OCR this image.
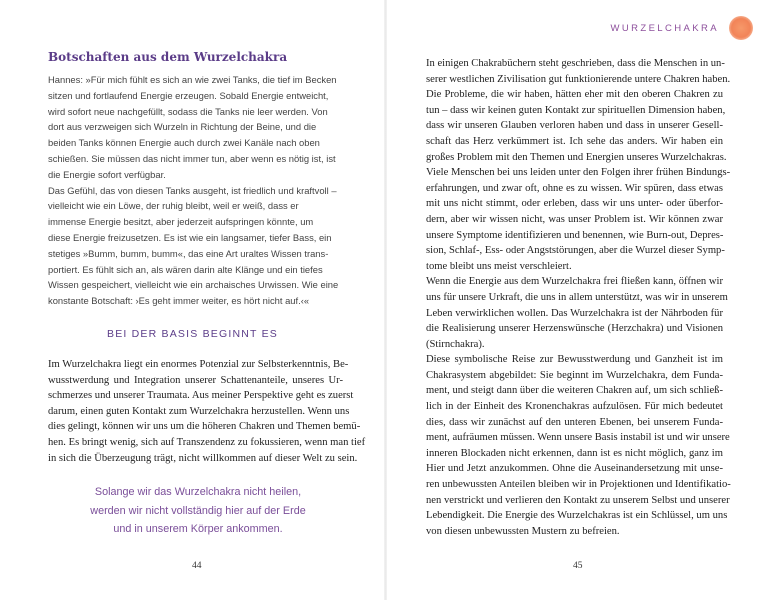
Botschaften aus dem Wurzelchakra
Hannes: »Für mich fühlt es sich an wie zwei Tanks, die tief im Becken
sitzen und fortlaufend Energie erzeugen. Sobald Energie entweicht,
wird sofort neue nachgefüllt, sodass die Tanks nie leer werden. Von
dort aus verzweigen sich Wurzeln in Richtung der Beine, und die
beiden Tanks können Energie auch durch zwei Kanäle nach oben
schießen. Sie müssen das nicht immer tun, aber wenn es nötig ist, ist
die Energie sofort verfügbar.
Das Gefühl, das von diesen Tanks ausgeht, ist friedlich und kraftvoll –
vielleicht wie ein Löwe, der ruhig bleibt, weil er weiß, dass er
immense Energie besitzt, aber jederzeit aufspringen könnte, um
diese Energie freizusetzen. Es ist wie ein langsamer, tiefer Bass, ein
stetiges »Bumm, bumm, bumm«, das eine Art uraltes Wissen trans-
portiert. Es fühlt sich an, als wären darin alte Klänge und ein tiefes
Wissen gespeichert, vielleicht wie ein archaisches Urwissen. Wie eine
konstante Botschaft: ›Es geht immer weiter, es hört nicht auf.‹«
BEI DER BASIS BEGINNT ES
Im Wurzelchakra liegt ein enormes Potenzial zur Selbsterkenntnis, Be-
wusstwerdung und Integration unserer Schattenanteile, unseres Ur-
schmerzes und unserer Traumata. Aus meiner Perspektive geht es zuerst
darum, einen guten Kontakt zum Wurzelchakra herzustellen. Wenn uns
dies gelingt, können wir uns um die höheren Chakren und Themen bemü-
hen. Es bringt wenig, sich auf Transzendenz zu fokussieren, wenn man tief
in sich die Überzeugung trägt, nicht willkommen auf dieser Welt zu sein.
Solange wir das Wurzelchakra nicht heilen,
werden wir nicht vollständig hier auf der Erde
und in unserem Körper ankommen.
44
WURZELCHAKRA
In einigen Chakrabüchern steht geschrieben, dass die Menschen in un-
serer westlichen Zivilisation gut funktionierende untere Chakren haben.
Die Probleme, die wir haben, hätten eher mit den oberen Chakren zu
tun – dass wir keinen guten Kontakt zur spirituellen Dimension haben,
dass wir unseren Glauben verloren haben und dass in unserer Gesell-
schaft das Herz verkümmert ist. Ich sehe das anders. Wir haben ein
großes Problem mit den Themen und Energien unseres Wurzelchakras.
Viele Menschen bei uns leiden unter den Folgen ihrer frühen Bindungs-
erfahrungen, und zwar oft, ohne es zu wissen. Wir spüren, dass etwas
mit uns nicht stimmt, oder erleben, dass wir uns unter- oder überfor-
dern, aber wir wissen nicht, was unser Problem ist. Wir können zwar
unsere Symptome identifizieren und benennen, wie Burn-out, Depres-
sion, Schlaf-, Ess- oder Angststörungen, aber die Wurzel dieser Symp-
tome bleibt uns meist verschleiert.
Wenn die Energie aus dem Wurzelchakra frei fließen kann, öffnen wir
uns für unsere Urkraft, die uns in allem unterstützt, was wir in unserem
Leben verwirklichen wollen. Das Wurzelchakra ist der Nährboden für
die Realisierung unserer Herzenswünsche (Herzchakra) und Visionen
(Stirnchakra).
Diese symbolische Reise zur Bewusstwerdung und Ganzheit ist im
Chakrasystem abgebildet: Sie beginnt im Wurzelchakra, dem Funda-
ment, und steigt dann über die weiteren Chakren auf, um sich schließ-
lich in der Einheit des Kronenchakras aufzulösen. Für mich bedeutet
dies, dass wir zunächst auf den unteren Ebenen, bei unserem Funda-
ment, aufräumen müssen. Wenn unsere Basis instabil ist und wir unsere
inneren Blockaden nicht erkennen, dann ist es nicht möglich, ganz im
Hier und Jetzt anzukommen. Ohne die Auseinandersetzung mit unse-
ren unbewussten Anteilen bleiben wir in Projektionen und Identifikatio-
nen verstrickt und verlieren den Kontakt zu unserem Selbst und unserer
Lebendigkeit. Die Energie des Wurzelchakras ist ein Schlüssel, um uns
von diesen unbewussten Mustern zu befreien.
45
